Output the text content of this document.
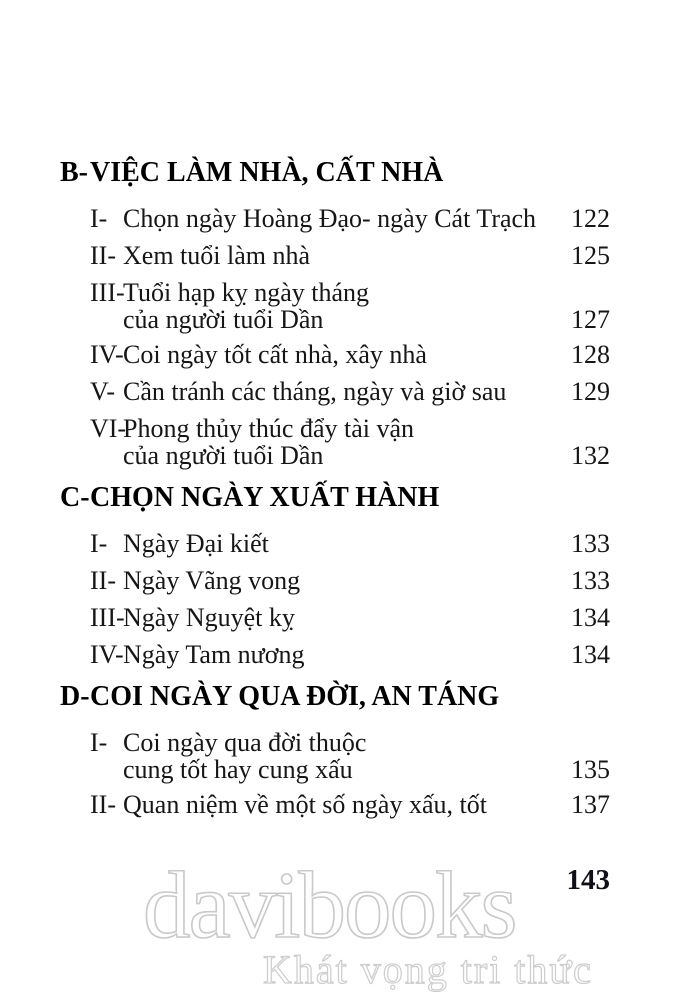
B- VIỆC LÀM NHÀ, CẤT NHÀ
I- Chọn ngày Hoàng Đạo- ngày Cát Trạch	122
II- Xem tuổi làm nhà	125
III-
Tuổi hạp kỵ ngày tháng
của người tuổi Dần	127
IV- Coi ngày tốt cất nhà, xây nhà	128
V- Cần tránh các tháng, ngày và giờ sau	129
VI-
Phong thủy thúc đẩy tài vận
của người tuổi Dần	132
C- CHỌN NGÀY XUẤT HÀNH
I- Ngày Đại kiết	133
II- Ngày Vãng vong	133
III-
Ngày Nguyệt kỵ	134
IV- Ngày Tam nương	134
D- COI NGÀY QUA ĐỜI, AN TÁNG
I- Coi ngày qua đời thuộc
cung tốt hay cung xấu	135
II- Quan niệm về một số ngày xấu, tốt	137
143
davibooks
Khát vọng tri thức
